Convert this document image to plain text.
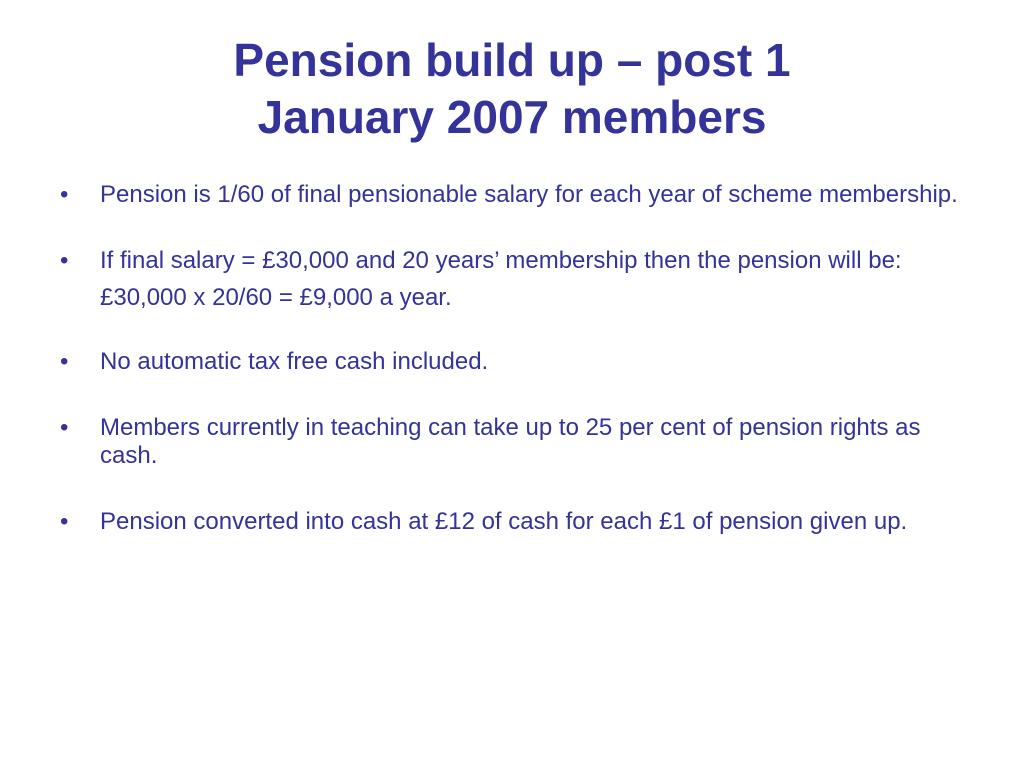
Pension build up – post 1
January 2007 members
•	Pension is 1/60 of final pensionable salary for each year of scheme membership.
•	If final salary = £30,000 and 20 years’ membership then the pension will be:
£30,000 x 20/60 = £9,000 a year.
•	No automatic tax free cash included.
•	Members currently in teaching can take up to 25 per cent of pension rights as cash.
•	Pension converted into cash at £12 of cash for each £1 of pension given up.
